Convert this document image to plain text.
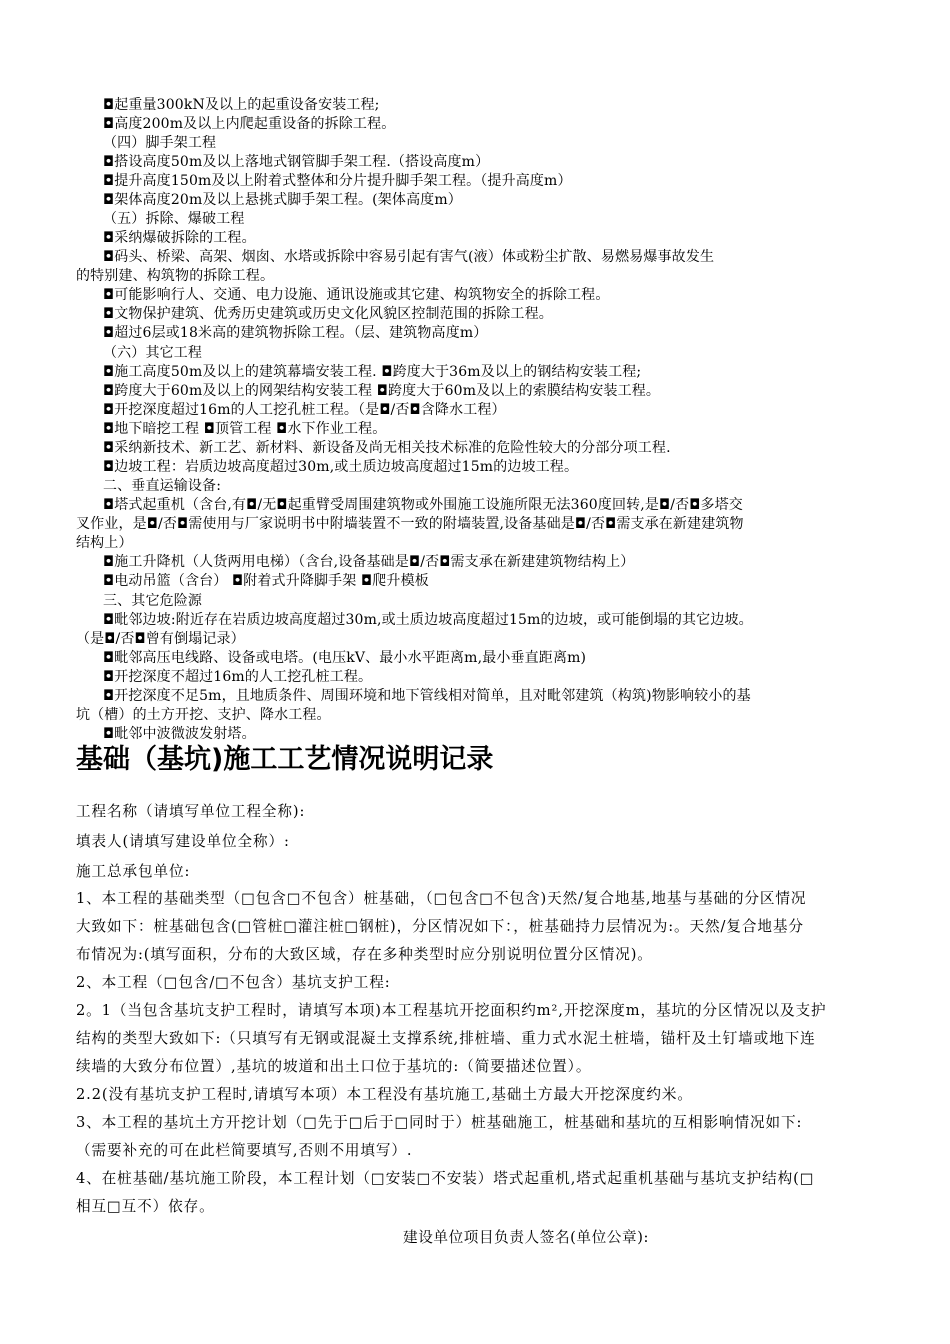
◘起重量300kN及以上的起重设备安装工程;
◘高度200m及以上内爬起重设备的拆除工程。
（四）脚手架工程
◘搭设高度50m及以上落地式钢管脚手架工程.（搭设高度m）
◘提升高度150m及以上附着式整体和分片提升脚手架工程。（提升高度m）
◘架体高度20m及以上悬挑式脚手架工程。(架体高度m）
（五）拆除、爆破工程
◘采纳爆破拆除的工程。
◘码头、桥梁、高架、烟囱、水塔或拆除中容易引起有害气(液）体或粉尘扩散、易燃易爆事故发生
的特别建、构筑物的拆除工程。
◘可能影响行人、交通、电力设施、通讯设施或其它建、构筑物安全的拆除工程。
◘文物保护建筑、优秀历史建筑或历史文化风貌区控制范围的拆除工程。
◘超过6层或18米高的建筑物拆除工程。（层、建筑物高度m）
（六）其它工程
◘施工高度50m及以上的建筑幕墙安装工程. ◘跨度大于36m及以上的钢结构安装工程;
◘跨度大于60m及以上的网架结构安装工程 ◘跨度大于60m及以上的索膜结构安装工程。
◘开挖深度超过16m的人工挖孔桩工程。（是◘/否◘含降水工程）
◘地下暗挖工程 ◘顶管工程 ◘水下作业工程。
◘采纳新技术、新工艺、新材料、新设备及尚无相关技术标准的危险性较大的分部分项工程.
◘边坡工程：岩质边坡高度超过30m,或土质边坡高度超过15m的边坡工程。
二、垂直运输设备:
◘塔式起重机（含台,有◘/无◘起重臂受周围建筑物或外围施工设施所限无法360度回转,是◘/否◘多塔交
叉作业，是◘/否◘需使用与厂家说明书中附墙装置不一致的附墙装置,设备基础是◘/否◘需支承在新建建筑物
结构上）
◘施工升降机（人货两用电梯）（含台,设备基础是◘/否◘需支承在新建建筑物结构上）
◘电动吊篮（含台） ◘附着式升降脚手架 ◘爬升模板
三、其它危险源
◘毗邻边坡:附近存在岩质边坡高度超过30m,或土质边坡高度超过15m的边坡，或可能倒塌的其它边坡。
（是◘/否◘曾有倒塌记录）
◘毗邻高压电线路、设备或电塔。(电压kV、最小水平距离m,最小垂直距离m)
◘开挖深度不超过16m的人工挖孔桩工程。
◘开挖深度不足5m，且地质条件、周围环境和地下管线相对简单，且对毗邻建筑（构筑)物影响较小的基
坑（槽）的土方开挖、支护、降水工程。
◘毗邻中波微波发射塔。
基础（基坑)施工工艺情况说明记录
工程名称（请填写单位工程全称):
填表人(请填写建设单位全称）:
施工总承包单位:
1、本工程的基础类型（□包含□不包含）桩基础，（□包含□不包含)天然/复合地基,地基与基础的分区情况
大致如下：桩基础包含(□管桩□灌注桩□钢桩)，分区情况如下：，桩基础持力层情况为:。天然/复合地基分
布情况为:(填写面积，分布的大致区域，存在多种类型时应分别说明位置分区情况)。
2、本工程（□包含/□不包含）基坑支护工程:
2。1（当包含基坑支护工程时，请填写本项)本工程基坑开挖面积约m²,开挖深度m，基坑的分区情况以及支护
结构的类型大致如下:（只填写有无钢或混凝土支撑系统,排桩墙、重力式水泥土桩墙，锚杆及土钉墙或地下连
续墙的大致分布位置）,基坑的坡道和出土口位于基坑的:（简要描述位置）。
2.2(没有基坑支护工程时,请填写本项）本工程没有基坑施工,基础土方最大开挖深度约米。
3、本工程的基坑土方开挖计划（□先于□后于□同时于）桩基础施工，桩基础和基坑的互相影响情况如下:
（需要补充的可在此栏简要填写,否则不用填写）.
4、在桩基础/基坑施工阶段，本工程计划（□安装□不安装）塔式起重机,塔式起重机基础与基坑支护结构(□
相互□互不）依存。
建设单位项目负责人签名(单位公章):
